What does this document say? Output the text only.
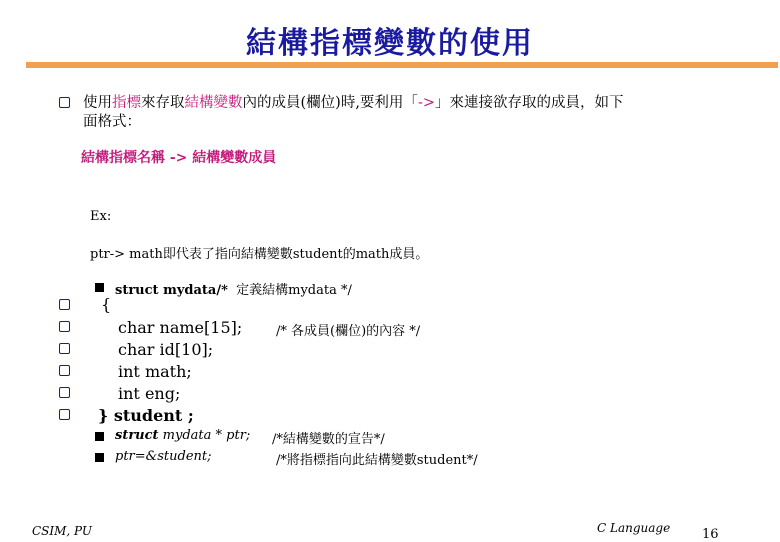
結構指標變數的使用
使用指標來存取結構變數內的成員(欄位)時,要利用「->」來連接欲存取的成員，如下
面格式：
結構指標名稱 -> 結構變數成員
Ex:
ptr-> math即代表了指向結構變數student的math成員。
struct mydata/* 定義結構mydata */
{
char name[15];	/* 各成員(欄位)的內容 */
char id[10];
int math;
int eng;
} student ;
struct mydata * ptr; /*結構變數的宣告*/
ptr=&student;	/*將指標指向此結構變數student*/
CSIM, PU	C Language 16
